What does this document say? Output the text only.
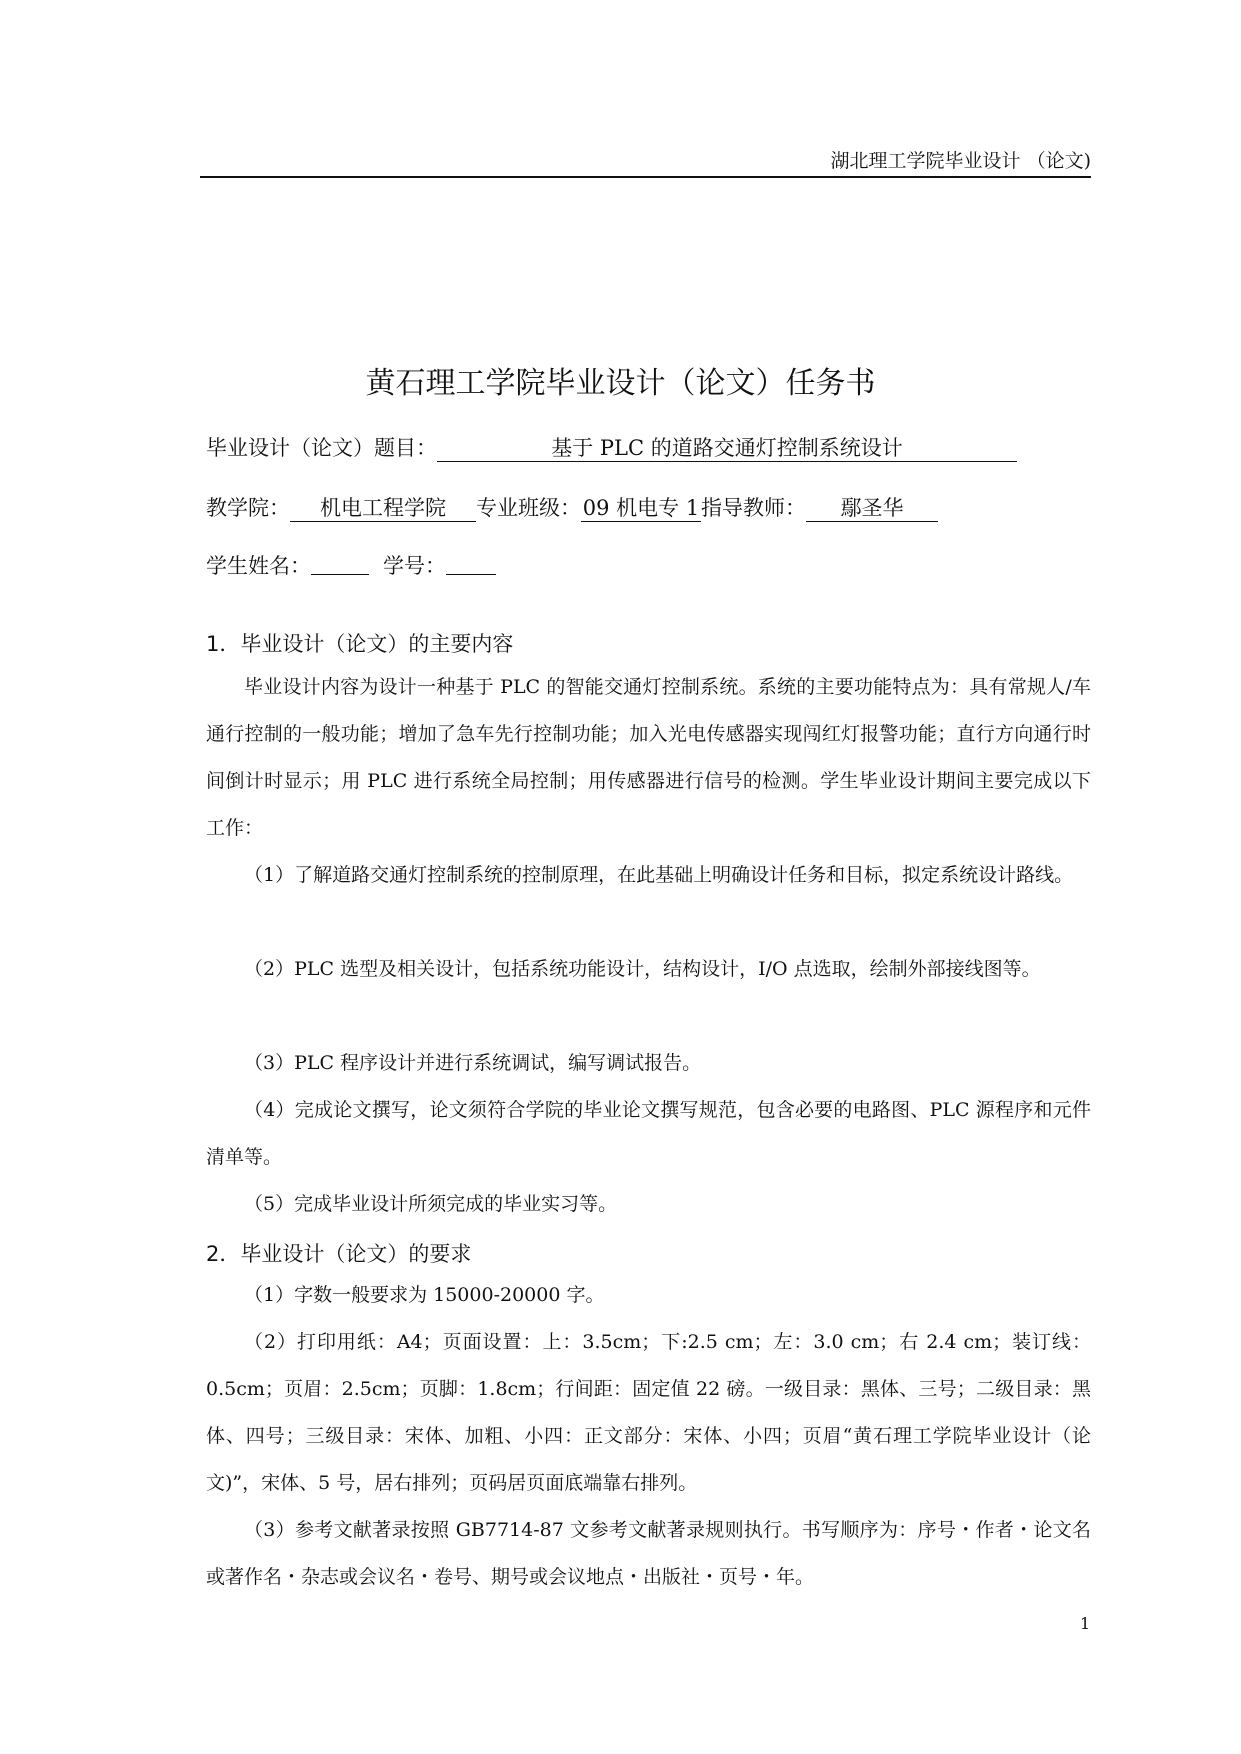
湖北理工学院毕业设计 （论文)
黄石理工学院毕业设计（论文）任务书
毕业设计（论文）题目：	基于 PLC 的道路交通灯控制系统设计
教学院： 机电工程学院 专业班级：09 机电专 1指导教师： 鄢圣华
学生姓名：	学号：
1．毕业设计（论文）的主要内容
毕业设计内容为设计一种基于 PLC 的智能交通灯控制系统。系统的主要功能特点为：具有常规人/车通行控制的一般功能；增加了急车先行控制功能；加入光电传感器实现闯红灯报警功能；直行方向通行时间倒计时显示；用 PLC 进行系统全局控制；用传感器进行信号的检测。学生毕业设计期间主要完成以下工作：
（1）了解道路交通灯控制系统的控制原理，在此基础上明确设计任务和目标，拟定系统设计路线。
（2）PLC 选型及相关设计，包括系统功能设计，结构设计，I/O 点选取，绘制外部接线图等。
（3）PLC 程序设计并进行系统调试，编写调试报告。
（4）完成论文撰写，论文须符合学院的毕业论文撰写规范，包含必要的电路图、PLC 源程序和元件清单等。
（5）完成毕业设计所须完成的毕业实习等。
2．毕业设计（论文）的要求
（1）字数一般要求为 15000-20000 字。
（2）打印用纸：A4；页面设置：上：3.5cm；下:2.5 cm；左：3.0 cm；右 2.4 cm；装订线：0.5cm；页眉：2.5cm；页脚：1.8cm；行间距：固定值 22 磅。一级目录：黑体、三号；二级目录：黑体、四号；三级目录：宋体、加粗、小四：正文部分：宋体、小四；页眉“黄石理工学院毕业设计（论文)”，宋体、5 号，居右排列；页码居页面底端靠右排列。
（3）参考文献著录按照 GB7714-87 文参考文献著录规则执行。书写顺序为：序号・作者・论文名或著作名・杂志或会议名・卷号、期号或会议地点・出版社・页号・年。
1
